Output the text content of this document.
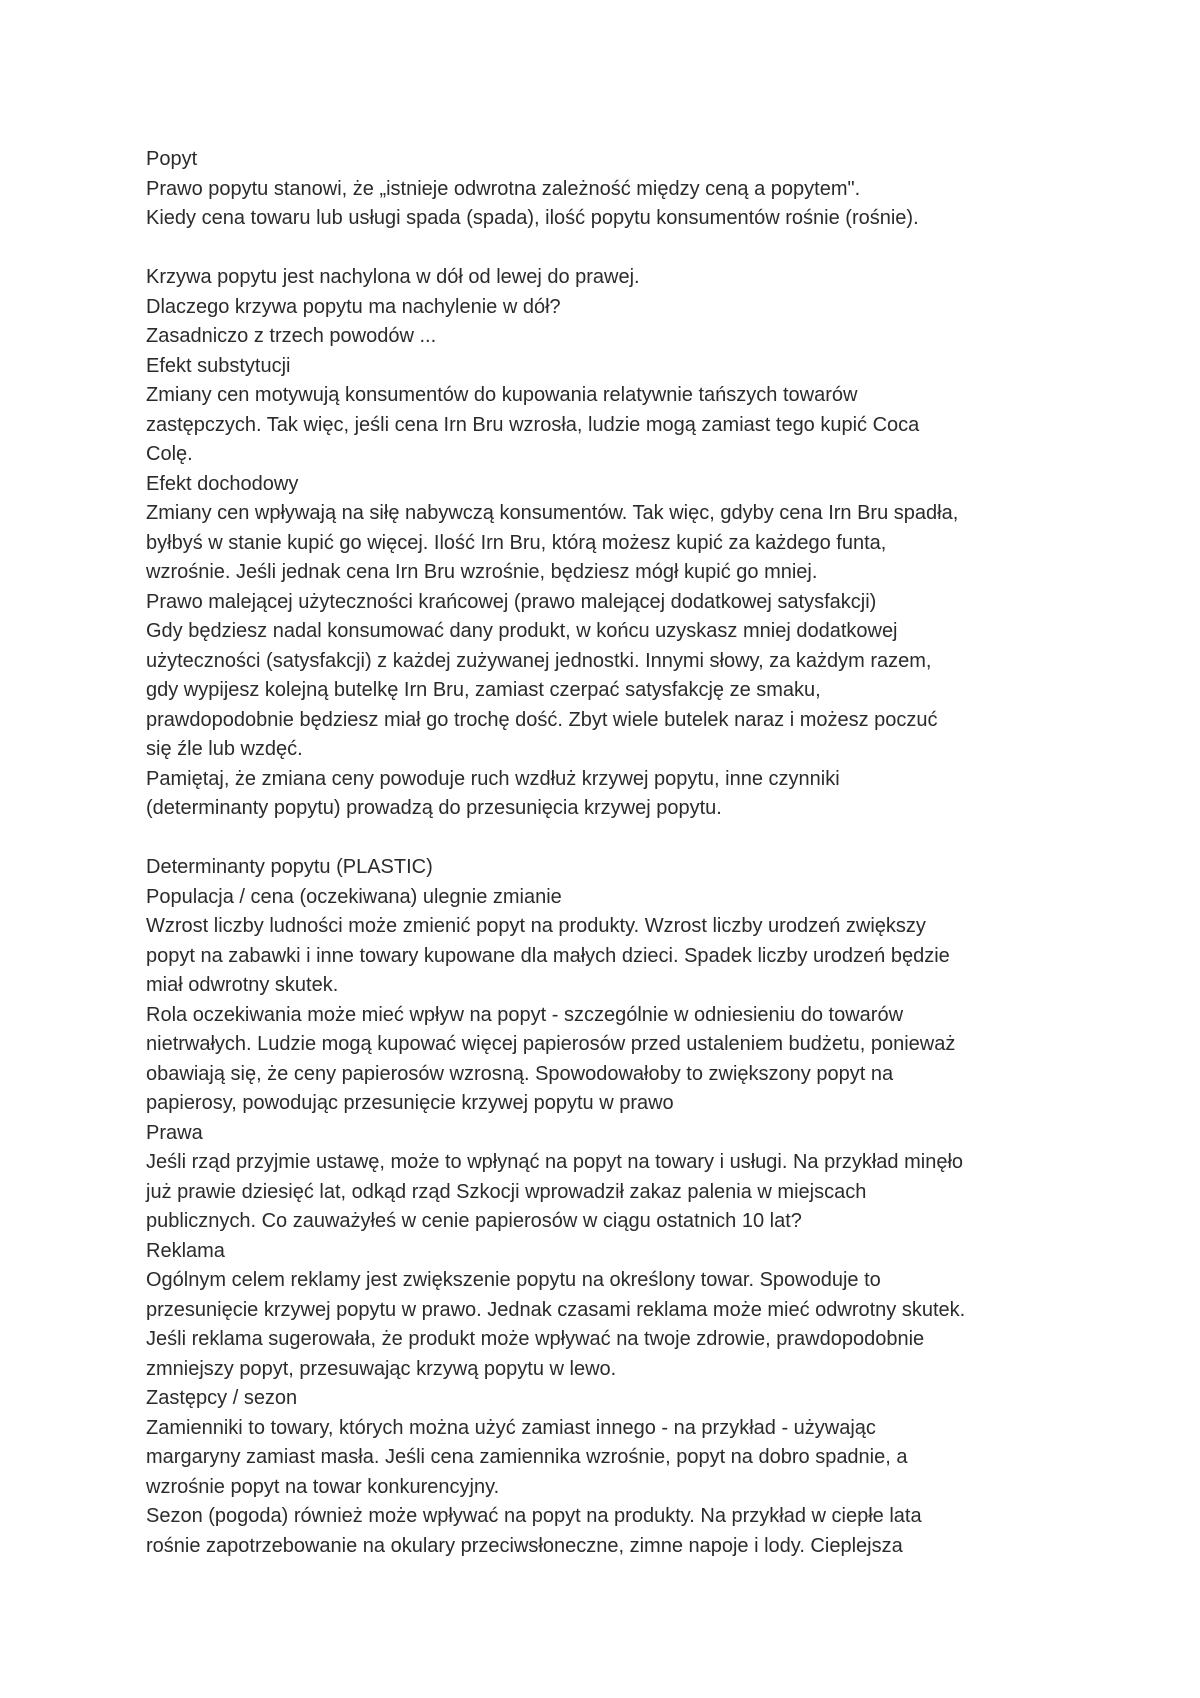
Popyt
Prawo popytu stanowi, że „istnieje odwrotna zależność między ceną a popytem".
Kiedy cena towaru lub usługi spada (spada), ilość popytu konsumentów rośnie (rośnie).
Krzywa popytu jest nachylona w dół od lewej do prawej.
Dlaczego krzywa popytu ma nachylenie w dół?
Zasadniczo z trzech powodów ...
Efekt substytucji
Zmiany cen motywują konsumentów do kupowania relatywnie tańszych towarów
zastępczych. Tak więc, jeśli cena Irn Bru wzrosła, ludzie mogą zamiast tego kupić Coca
Colę.
Efekt dochodowy
Zmiany cen wpływają na siłę nabywczą konsumentów. Tak więc, gdyby cena Irn Bru spadła,
byłbyś w stanie kupić go więcej. Ilość Irn Bru, którą możesz kupić za każdego funta,
wzrośnie. Jeśli jednak cena Irn Bru wzrośnie, będziesz mógł kupić go mniej.
Prawo malejącej użyteczności krańcowej (prawo malejącej dodatkowej satysfakcji)
Gdy będziesz nadal konsumować dany produkt, w końcu uzyskasz mniej dodatkowej
użyteczności (satysfakcji) z każdej zużywanej jednostki. Innymi słowy, za każdym razem,
gdy wypijesz kolejną butelkę Irn Bru, zamiast czerpać satysfakcję ze smaku,
prawdopodobnie będziesz miał go trochę dość. Zbyt wiele butelek naraz i możesz poczuć
się źle lub wzdęć.
Pamiętaj, że zmiana ceny powoduje ruch wzdłuż krzywej popytu, inne czynniki
(determinanty popytu) prowadzą do przesunięcia krzywej popytu.
Determinanty popytu (PLASTIC)
Populacja / cena (oczekiwana) ulegnie zmianie
Wzrost liczby ludności może zmienić popyt na produkty. Wzrost liczby urodzeń zwiększy
popyt na zabawki i inne towary kupowane dla małych dzieci. Spadek liczby urodzeń będzie
miał odwrotny skutek.
Rola oczekiwania może mieć wpływ na popyt - szczególnie w odniesieniu do towarów
nietrwałych. Ludzie mogą kupować więcej papierosów przed ustaleniem budżetu, ponieważ
obawiają się, że ceny papierosów wzrosną. Spowodowałoby to zwiększony popyt na
papierosy, powodując przesunięcie krzywej popytu w prawo
Prawa
Jeśli rząd przyjmie ustawę, może to wpłynąć na popyt na towary i usługi. Na przykład minęło
już prawie dziesięć lat, odkąd rząd Szkocji wprowadził zakaz palenia w miejscach
publicznych. Co zauważyłeś w cenie papierosów w ciągu ostatnich 10 lat?
Reklama
Ogólnym celem reklamy jest zwiększenie popytu na określony towar. Spowoduje to
przesunięcie krzywej popytu w prawo. Jednak czasami reklama może mieć odwrotny skutek.
Jeśli reklama sugerowała, że produkt może wpływać na twoje zdrowie, prawdopodobnie
zmniejszy popyt, przesuwając krzywą popytu w lewo.
Zastępcy / sezon
Zamienniki to towary, których można użyć zamiast innego - na przykład - używając
margaryny zamiast masła. Jeśli cena zamiennika wzrośnie, popyt na dobro spadnie, a
wzrośnie popyt na towar konkurencyjny.
Sezon (pogoda) również może wpływać na popyt na produkty. Na przykład w ciepłe lata
rośnie zapotrzebowanie na okulary przeciwsłoneczne, zimne napoje i lody. Cieplejsza
